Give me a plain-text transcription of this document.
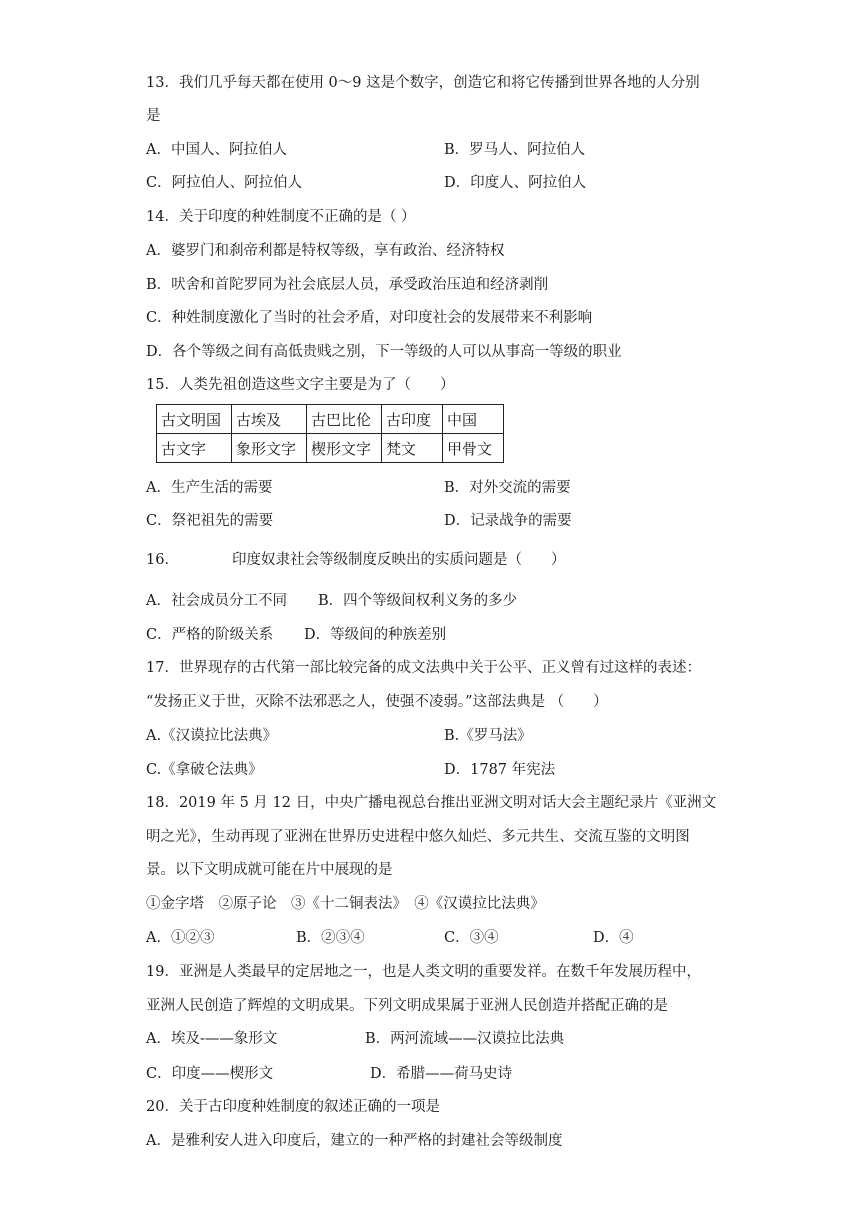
13．我们几乎每天都在使用 0～9 这是个数字，创造它和将它传播到世界各地的人分别
是
A．中国人、阿拉伯人	B．罗马人、阿拉伯人
C．阿拉伯人、阿拉伯人	D．印度人、阿拉伯人
14．关于印度的种姓制度不正确的是（ ）
A．婆罗门和刹帝利都是特权等级，享有政治、经济特权
B．吠舍和首陀罗同为社会底层人员，承受政治压迫和经济剥削
C．种姓制度激化了当时的社会矛盾，对印度社会的发展带来不利影响
D．各个等级之间有高低贵贱之别，下一等级的人可以从事高一等级的职业
15．人类先祖创造这些文字主要是为了（　　）
古文明国	古埃及	古巴比伦	古印度	中国
古文字	象形文字	楔形文字	梵文	甲骨文
A．生产生活的需要	B．对外交流的需要
C．祭祀祖先的需要	D．记录战争的需要
16．	印度奴隶社会等级制度反映出的实质问题是（　　）
A．社会成员分工不同 B．四个等级间权利义务的多少
C．严格的阶级关系 D．等级间的种族差别
17．世界现存的古代第一部比较完备的成文法典中关于公平、正义曾有过这样的表述：
“发扬正义于世，灭除不法邪恶之人，使强不凌弱。”这部法典是 （　　）
A.《汉谟拉比法典》	B.《罗马法》
C.《拿破仑法典》	D．1787 年宪法
18．2019 年 5 月 12 日，中央广播电视总台推出亚洲文明对话大会主题纪录片《亚洲文
明之光》，生动再现了亚洲在世界历史进程中悠久灿烂、多元共生、交流互鉴的文明图
景。以下文明成就可能在片中展现的是
①金字塔　②原子论　③《十二铜表法》　④《汉谟拉比法典》
A．①②③	B．②③④	C．③④	D．④
19．亚洲是人类最早的定居地之一，也是人类文明的重要发祥。在数千年发展历程中，
亚洲人民创造了辉煌的文明成果。下列文明成果属于亚洲人民创造并搭配正确的是
A．埃及-——象形文	B．两河流域——汉谟拉比法典
C．印度——楔形文	D．希腊——荷马史诗
20．关于古印度种姓制度的叙述正确的一项是
A．是雅利安人进入印度后，建立的一种严格的封建社会等级制度
